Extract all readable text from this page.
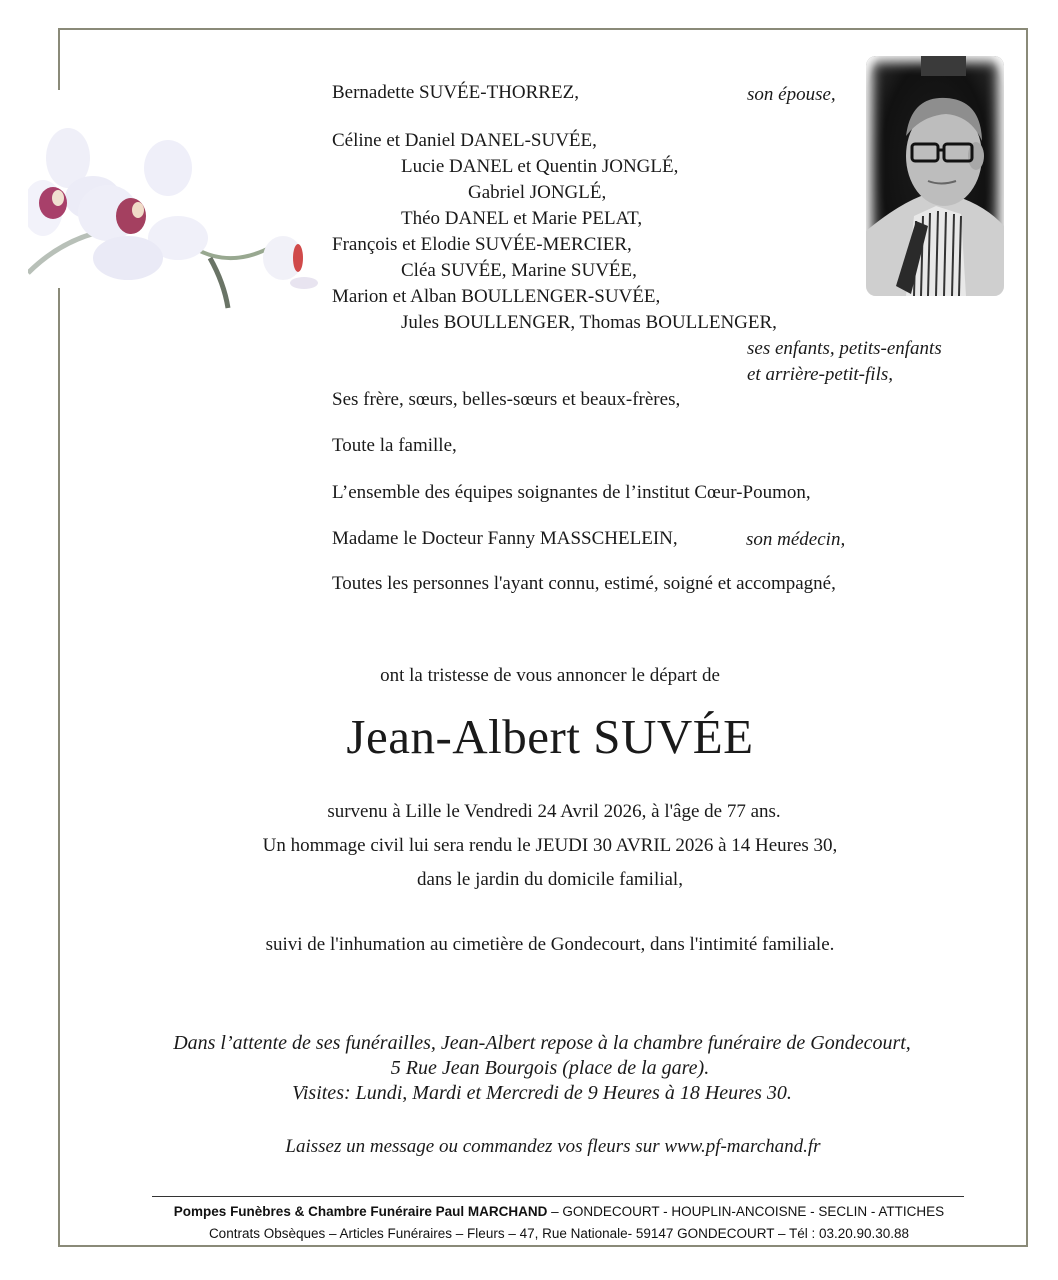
Bernadette SUVÉE-THORREZ,	son épouse,
Céline et Daniel DANEL-SUVÉE,
Lucie DANEL et Quentin JONGLÉ,
Gabriel JONGLÉ,
Théo DANEL et Marie PELAT,
François et Elodie SUVÉE-MERCIER,
Cléa SUVÉE, Marine SUVÉE,
Marion et Alban BOULLENGER-SUVÉE,
Jules BOULLENGER, Thomas BOULLENGER,
ses enfants, petits-enfants
et arrière-petit-fils,
Ses frère, sœurs, belles-sœurs et beaux-frères,
Toute la famille,
L’ensemble des équipes soignantes de l’institut Cœur-Poumon,
Madame le Docteur Fanny MASSCHELEIN,	son médecin,
Toutes les personnes l'ayant connu, estimé, soigné et accompagné,
ont la tristesse de vous annoncer le départ de
Jean-Albert SUVÉE
survenu à Lille le Vendredi 24 Avril 2026, à l'âge de 77 ans.
Un hommage civil lui sera rendu le JEUDI 30 AVRIL 2026 à 14 Heures 30,
dans le jardin du domicile familial,
suivi de l'inhumation au cimetière de Gondecourt, dans l'intimité familiale.
Dans l’attente de ses funérailles, Jean-Albert repose à la chambre funéraire de Gondecourt,
5 Rue Jean Bourgois (place de la gare).
Visites: Lundi, Mardi et Mercredi de 9 Heures à 18 Heures 30.
Laissez un message ou commandez vos fleurs sur www.pf-marchand.fr
Pompes Funèbres & Chambre Funéraire Paul MARCHAND – GONDECOURT - HOUPLIN-ANCOISNE - SECLIN - ATTICHES
Contrats Obsèques – Articles Funéraires – Fleurs – 47, Rue Nationale- 59147 GONDECOURT – Tél : 03.20.90.30.88
